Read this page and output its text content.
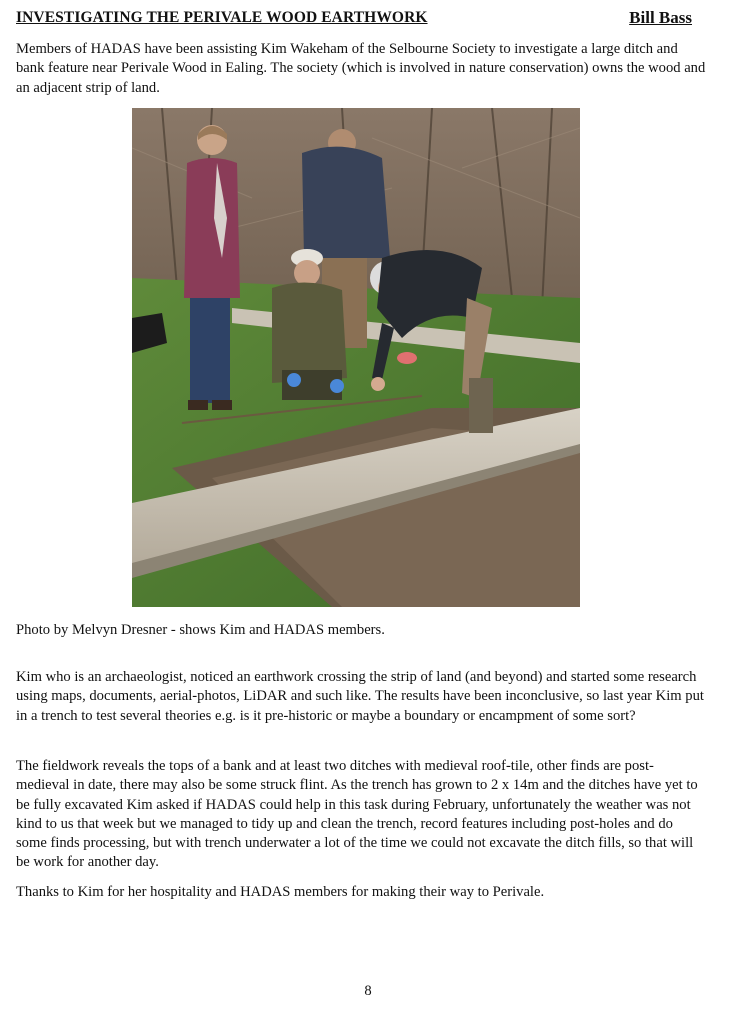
INVESTIGATING THE PERIVALE WOOD EARTHWORK	Bill Bass

Members of HADAS have been assisting Kim Wakeham of the Selbourne Society to investigate a large ditch and bank feature near Perivale Wood in Ealing. The society (which is involved in nature conservation) owns the wood and an adjacent strip of land.

Photo by Melvyn Dresner - shows Kim and HADAS members.

Kim who is an archaeologist, noticed an earthwork crossing the strip of land (and beyond) and started some research using maps, documents, aerial-photos, LiDAR and such like. The results have been inconclusive, so last year Kim put in a trench to test several theories e.g. is it pre-historic or maybe a boundary or encampment of some sort?

The fieldwork reveals the tops of a bank and at least two ditches with medieval roof-tile, other finds are post-medieval in date, there may also be some struck flint. As the trench has grown to 2 x 14m and the ditches have yet to be fully excavated Kim asked if HADAS could help in this task during February, unfortunately the weather was not kind to us that week but we managed to tidy up and clean the trench, record features including post-holes and do some finds processing, but with trench underwater a lot of the time we could not excavate the ditch fills, so that will be work for another day.

Thanks to Kim for her hospitality and HADAS members for making their way to Perivale.

8
